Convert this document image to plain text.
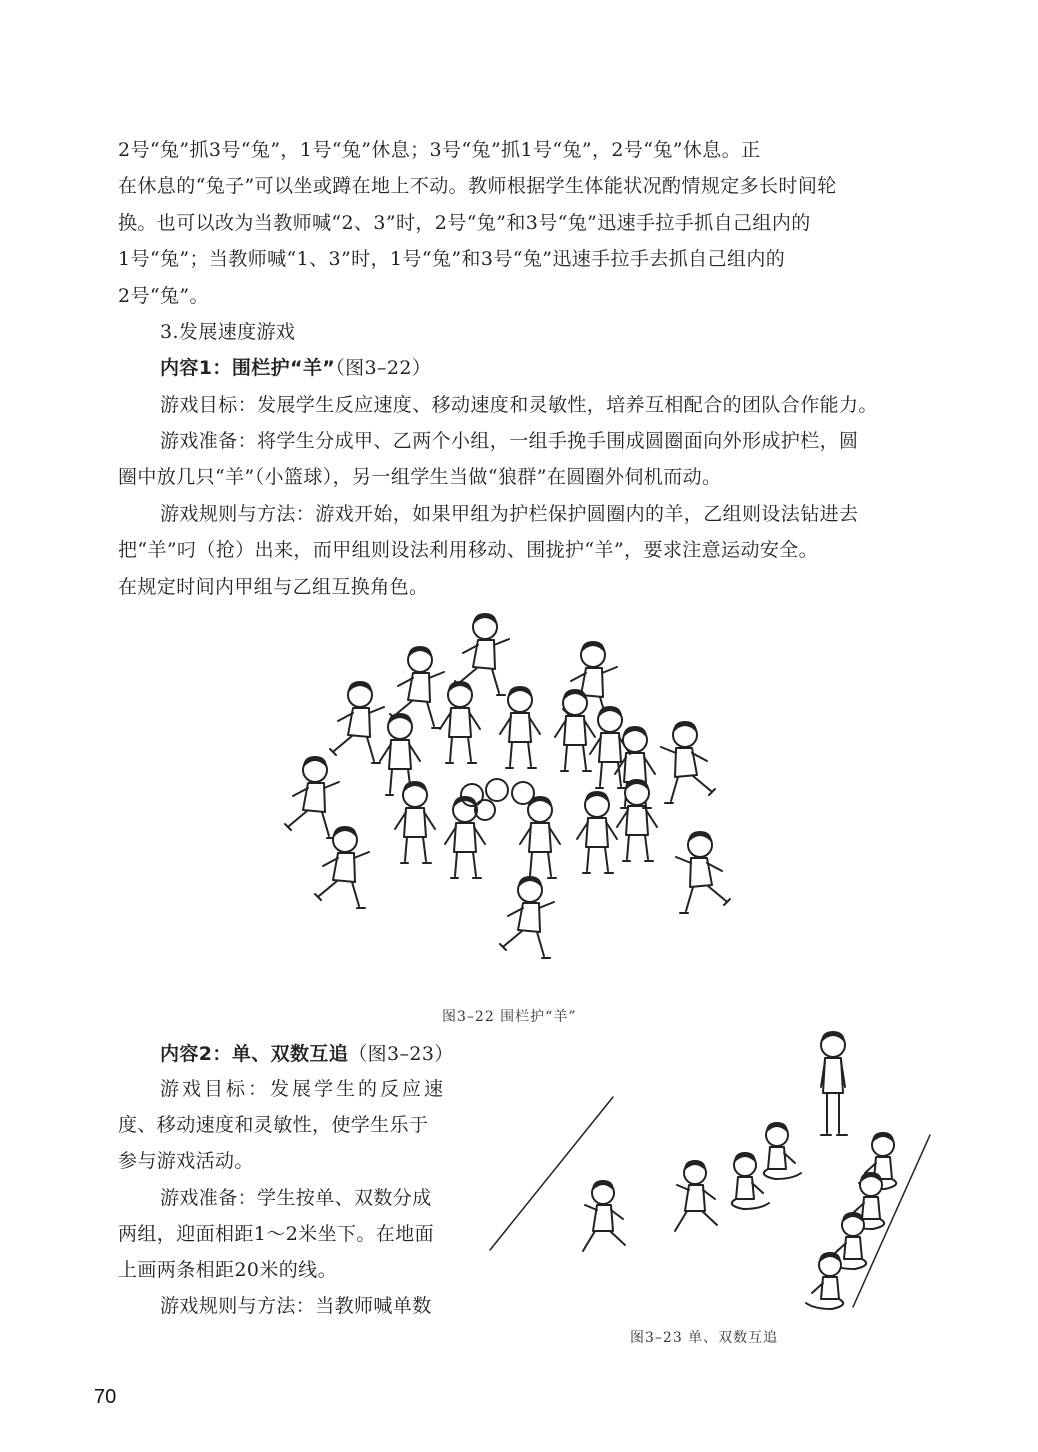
2号“兔”抓3号“兔”，1号“兔”休息；3号“兔”抓1号“兔”，2号“兔”休息。正
在休息的“兔子”可以坐或蹲在地上不动。教师根据学生体能状况酌情规定多长时间轮
换。也可以改为当教师喊“2、3”时，2号“兔”和3号“兔”迅速手拉手抓自己组内的
1号“兔”；当教师喊“1、3”时，1号“兔”和3号“兔”迅速手拉手去抓自己组内的
2号“兔”。
3.发展速度游戏
内容1：围栏护“羊”（图3–22）
游戏目标：发展学生反应速度、移动速度和灵敏性，培养互相配合的团队合作能力。
游戏准备：将学生分成甲、乙两个小组，一组手挽手围成圆圈面向外形成护栏，圆
圈中放几只“羊”（小篮球），另一组学生当做“狼群”在圆圈外伺机而动。
游戏规则与方法：游戏开始，如果甲组为护栏保护圆圈内的羊，乙组则设法钻进去
把“羊”叼（抢）出来，而甲组则设法利用移动、围拢护“羊”，要求注意运动安全。
在规定时间内甲组与乙组互换角色。
图3–22 围栏护“羊”
内容2：单、双数互追（图3–23）
游戏目标：发展学生的反应速
度、移动速度和灵敏性，使学生乐于
参与游戏活动。
游戏准备：学生按单、双数分成
两组，迎面相距1～2米坐下。在地面
上画两条相距20米的线。
游戏规则与方法：当教师喊单数
图3–23 单、双数互追
70
